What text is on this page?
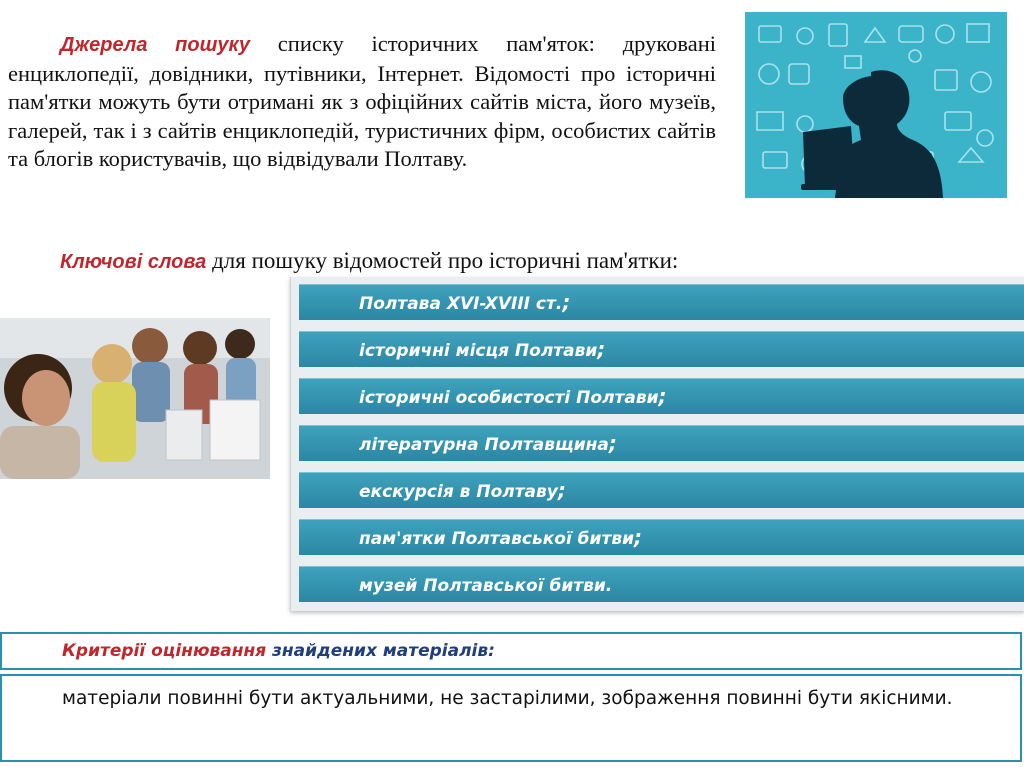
Джерела пошуку списку історичних пам'яток: друковані енциклопедії, довідники, путівники, Інтернет. Відомості про історичні пам'ятки можуть бути отримані як з офіційних сайтів міста, його музеїв, галерей, так і з сайтів енциклопедій, туристичних фірм, особистих сайтів та блогів користувачів, що відвідували Полтаву.

Ключові слова для пошуку відомостей про історичні пам'ятки:

Полтава XVI-XVIII ст.;
історичні місця Полтави;
історичні особистості Полтави;
літературна Полтавщина;
екскурсія в Полтаву;
пам'ятки Полтавської битви;
музей Полтавської битви.
Критерії оцінювання знайдених матеріалів:

матеріали повинні бути актуальними, не застарілими, зображення повинні бути якісними.
